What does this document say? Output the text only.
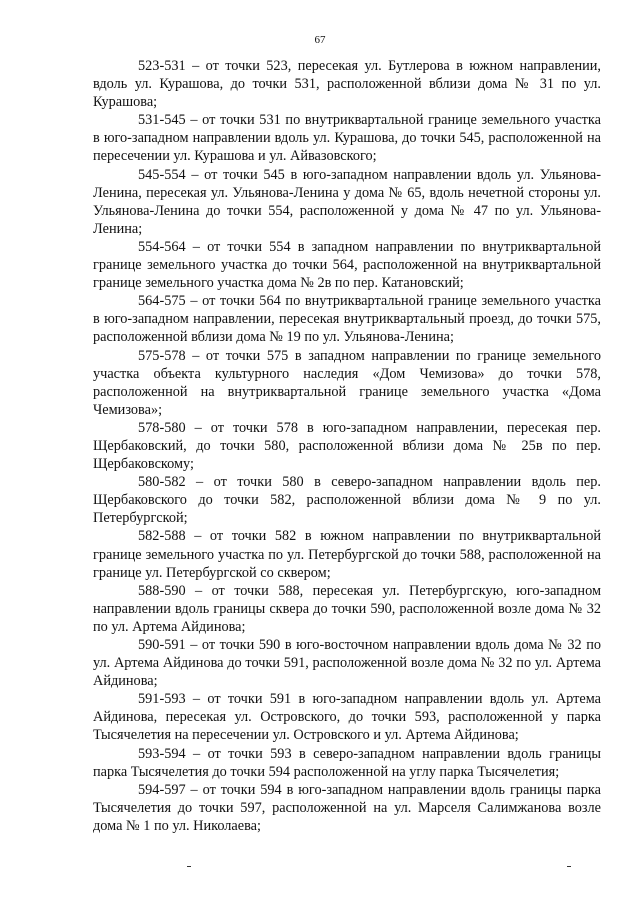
67

523-531 – от точки 523, пересекая ул. Бутлерова в южном направлении, вдоль ул. Курашова, до точки 531, расположенной вблизи дома № 31 по ул. Курашова;

531-545 – от точки 531 по внутриквартальной границе земельного участка в юго-западном направлении вдоль ул. Курашова, до точки 545, расположенной на пересечении ул. Курашова и ул. Айвазовского;

545-554 – от точки 545 в юго-западном направлении вдоль ул. Ульянова-Ленина, пересекая ул. Ульянова-Ленина у дома № 65, вдоль нечетной стороны ул. Ульянова-Ленина до точки 554, расположенной у дома № 47 по ул. Ульянова-Ленина;

554-564 – от точки 554 в западном направлении по внутриквартальной границе земельного участка до точки 564, расположенной на внутриквартальной границе земельного участка дома № 2в по пер. Катановский;

564-575 – от точки 564 по внутриквартальной границе земельного участка в юго-западном направлении, пересекая внутриквартальный проезд, до точки 575, расположенной вблизи дома № 19 по ул. Ульянова-Ленина;

575-578 – от точки 575 в западном направлении по границе земельного участка объекта культурного наследия «Дом Чемизова» до точки 578, расположенной на внутриквартальной границе земельного участка «Дома Чемизова»;

578-580 – от точки 578 в юго-западном направлении, пересекая пер. Щербаковский, до точки 580, расположенной вблизи дома № 25в по пер. Щербаковскому;

580-582 – от точки 580 в северо-западном направлении вдоль пер. Щербаковского до точки 582, расположенной вблизи дома № 9 по ул. Петербургской;

582-588 – от точки 582 в южном направлении по внутриквартальной границе земельного участка по ул. Петербургской до точки 588, расположенной на границе ул. Петербургской со сквером;

588-590 – от точки 588, пересекая ул. Петербургскую, юго-западном направлении вдоль границы сквера до точки 590, расположенной возле дома № 32 по ул. Артема Айдинова;

590-591 – от точки 590 в юго-восточном направлении вдоль дома № 32 по ул. Артема Айдинова до точки 591, расположенной возле дома № 32 по ул. Артема Айдинова;

591-593 – от точки 591 в юго-западном направлении вдоль ул. Артема Айдинова, пересекая ул. Островского, до точки 593, расположенной у парка Тысячелетия на пересечении ул. Островского и ул. Артема Айдинова;

593-594 – от точки 593 в северо-западном направлении вдоль границы парка Тысячелетия до точки 594 расположенной на углу парка Тысячелетия;

594-597 – от точки 594 в юго-западном направлении вдоль границы парка Тысячелетия до точки 597, расположенной на ул. Марселя Салимжанова возле дома № 1 по ул. Николаева;
